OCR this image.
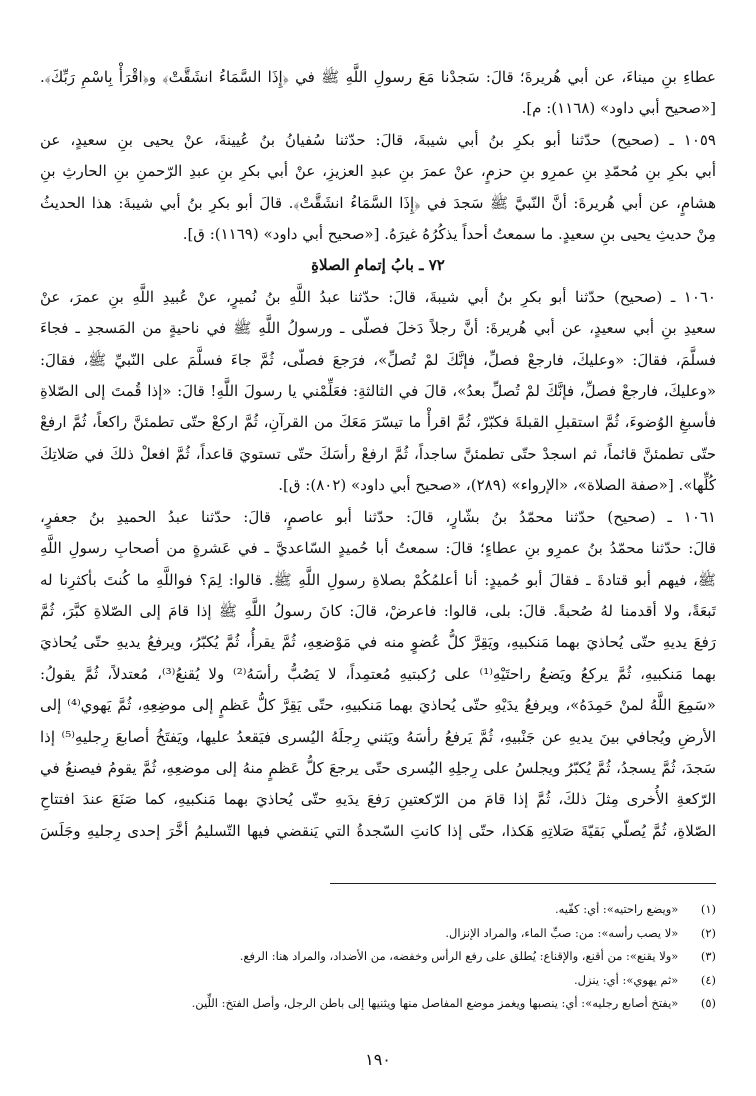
عطاءِ بنِ ميناءَ، عن أبي هُريرةَ؛ قالَ: سَجدْنا مَعَ رسولِ اللَّهِ ﷺ في ﴿إِذَا السَّمَاءُ انشَقَّتْ﴾ و﴿اقْرَأْ بِاسْمِ رَبِّكَ﴾.
[«صحيح أبي داود» (١١٦٨): م].
١٠٥٩ ـ (صحيح) حدّثنا أبو بكرِ بنُ أبي شيبةَ، قالَ: حدّثنا سُفيانُ بنُ عُيينةَ، عنْ يحيى بنِ سعيدٍ، عن
أبي بكرِ بنِ مُحمّدِ بنِ عمرِو بنِ حزمٍ، عنْ عمرَ بنِ عبدِ العزيزِ، عنْ أبي بكرِ بنِ عبدِ الرّحمنِ بنِ الحارثِ بنِ
هشامٍ، عن أبي هُريرةَ: أنَّ النّبيَّ ﷺ سَجدَ في ﴿إِذَا السَّمَاءُ انشَقَّتْ﴾. قالَ أبو بكرِ بنُ أبي شيبةَ: هذا الحديثُ
مِنْ حديثِ يحيى بنِ سعيدٍ. ما سمعتُ أحداً يذكُرُهُ غيرَهُ. [«صحيح أبي داود» (١١٦٩): ق].
٧٢ ـ بابُ إتمامِ الصلاةِ
١٠٦٠ ـ (صحيح) حدّثنا أبو بكرِ بنُ أبي شيبةَ، قالَ: حدّثنا عبدُ اللَّهِ بنُ نُميرٍ، عنْ عُبيدِ اللَّهِ بنِ عمرَ، عنْ
سعيدِ بنِ أبي سعيدٍ، عن أبي هُريرةَ: أنَّ رجلاً دَخلَ فصلّى ـ ورسولُ اللَّهِ ﷺ في ناحيةٍ من المَسجدِ ـ فجاءَ
فسلَّمَ، فقالَ: «وعليكَ، فارجعْ فصلِّ، فإنَّكَ لمْ تُصلِّ»، فرَجعَ فصلّى، ثُمَّ جاءَ فسلَّمَ على النّبيِّ ﷺ، فقالَ:
«وعليكَ، فارجعْ فصلِّ، فإنَّكَ لمْ تُصلِّ بعدُ»، قالَ في الثالثةِ: فعَلِّمْني يا رسولَ اللَّهِ! قالَ: «إذا قُمتَ إلى الصّلاةِ
فأسبغِ الوُضوءَ، ثُمَّ استقبلِ القبلةَ فكبّرْ، ثُمَّ اقرأْ ما تيسّرَ مَعَكَ من القرآنِ، ثُمَّ اركعْ حتّى تطمئنَّ راكعاً، ثُمَّ ارفعْ
حتّى تطمئنَّ قائماً، ثم اسجدْ حتّى تطمئنَّ ساجداً، ثُمَّ ارفعْ رأسَكَ حتّى تستويَ قاعداً، ثُمَّ افعلْ ذلكَ في صَلاتِكَ
كُلِّها». [«صفة الصلاة»، «الإرواء» (٢٨٩)، «صحيح أبي داود» (٨٠٢): ق].
١٠٦١ ـ (صحيح) حدّثنا محمّدُ بنُ بشّارٍ، قالَ: حدّثنا أبو عاصمٍ، قالَ: حدّثنا عبدُ الحميدِ بنُ جعفرٍ،
قالَ: حدّثنا محمّدُ بنُ عمرِو بنِ عطاءٍ؛ قالَ: سمعتُ أبا حُميدٍ السّاعديَّ ـ في عَشرةٍ من أصحابِ رسولِ اللَّهِ
ﷺ، فيهم أبو قتادةَ ـ فقالَ أبو حُميدٍ: أنا أعلمُكُمْ بصلاةِ رسولِ اللَّهِ ﷺ. قالوا: لِمَ؟ فواللَّهِ ما كُنتَ بأكثرِنا له
تَبعَةً، ولا أقدمنا لهُ صُحبةً. قالَ: بلى، قالوا: فاعرضْ، قالَ: كانَ رسولُ اللَّهِ ﷺ إذا قامَ إلى الصّلاةِ كبَّرَ، ثُمَّ
رَفعَ يديهِ حتّى يُحاذيَ بهما مَنكبيهِ، ويَقِرَّ كلُّ عُضوٍ منه في مَوْضعِهِ، ثُمَّ يقرأُ، ثُمَّ يُكبّرُ، ويرفعُ يديهِ حتّى يُحاذيَ
بهما مَنكبيهِ، ثُمَّ يركعُ ويَضعُ راحتَيْهِ⁽¹⁾ على رُكبتيهِ مُعتمِداً، لا يَصُبُّ رأسَهُ⁽²⁾ ولا يُقنعُ⁽³⁾، مُعتدلاً، ثُمَّ يقولُ:
«سَمِعَ اللَّهُ لمنْ حَمِدَهُ»، ويرفعُ يدَيْهِ حتّى يُحاذيَ بهما مَنكبيهِ، حتّى يَقِرَّ كلُّ عَظمٍ إلى موضِعِهِ، ثُمَّ يَهوي⁽⁴⁾ إلى
الأرضِ ويُجافي بينَ يديهِ عن جَنْبيهِ، ثُمَّ يَرفعُ رأسَهُ ويَثني رِجلَهُ اليُسرى فيَقعدُ عليها، ويَفتَخُ أصابعَ رِجليهِ⁽⁵⁾ إذا
سَجدَ، ثُمَّ يسجدُ، ثُمَّ يُكبّرُ ويجلسُ على رِجلِهِ اليُسرى حتّى يرجعَ كلُّ عَظمٍ منهُ إلى موضعِهِ، ثُمَّ يقومُ فيصنعُ في
الرّكعةِ الأُخرى مِثلَ ذلكَ، ثُمَّ إذا قامَ من الرّكعتينِ رَفعَ يدَيهِ حتّى يُحاذيَ بهما مَنكبيهِ، كما صَنَعَ عندَ افتتاحِ
الصّلاةِ، ثُمَّ يُصلّي بَقيّةَ صَلاتِهِ هَكذا، حتّى إذا كانتِ السّجدةُ التي يَنقضي فيها التّسليمُ أخَّرَ إحدى رِجليهِ وجَلَسَ
(١) «ويضع راحتيه»: أي: كفّيه.
(٢) «لا يصب رأسه»: من: صبِّ الماء، والمراد الإنزال.
(٣) «ولا يقنع»: من أقنع، والإقناع: يُطلق على رفع الرأس وخفضه، من الأضداد، والمراد هنا: الرفع.
(٤) «ثم يهوي»: أي: ينزل.
(٥) «يفتخ أصابع رجليه»: أي: ينصبها ويغمز موضع المفاصل منها ويثنيها إلى باطن الرجل، وأصل الفتخ: اللِّين.
١٩٠
